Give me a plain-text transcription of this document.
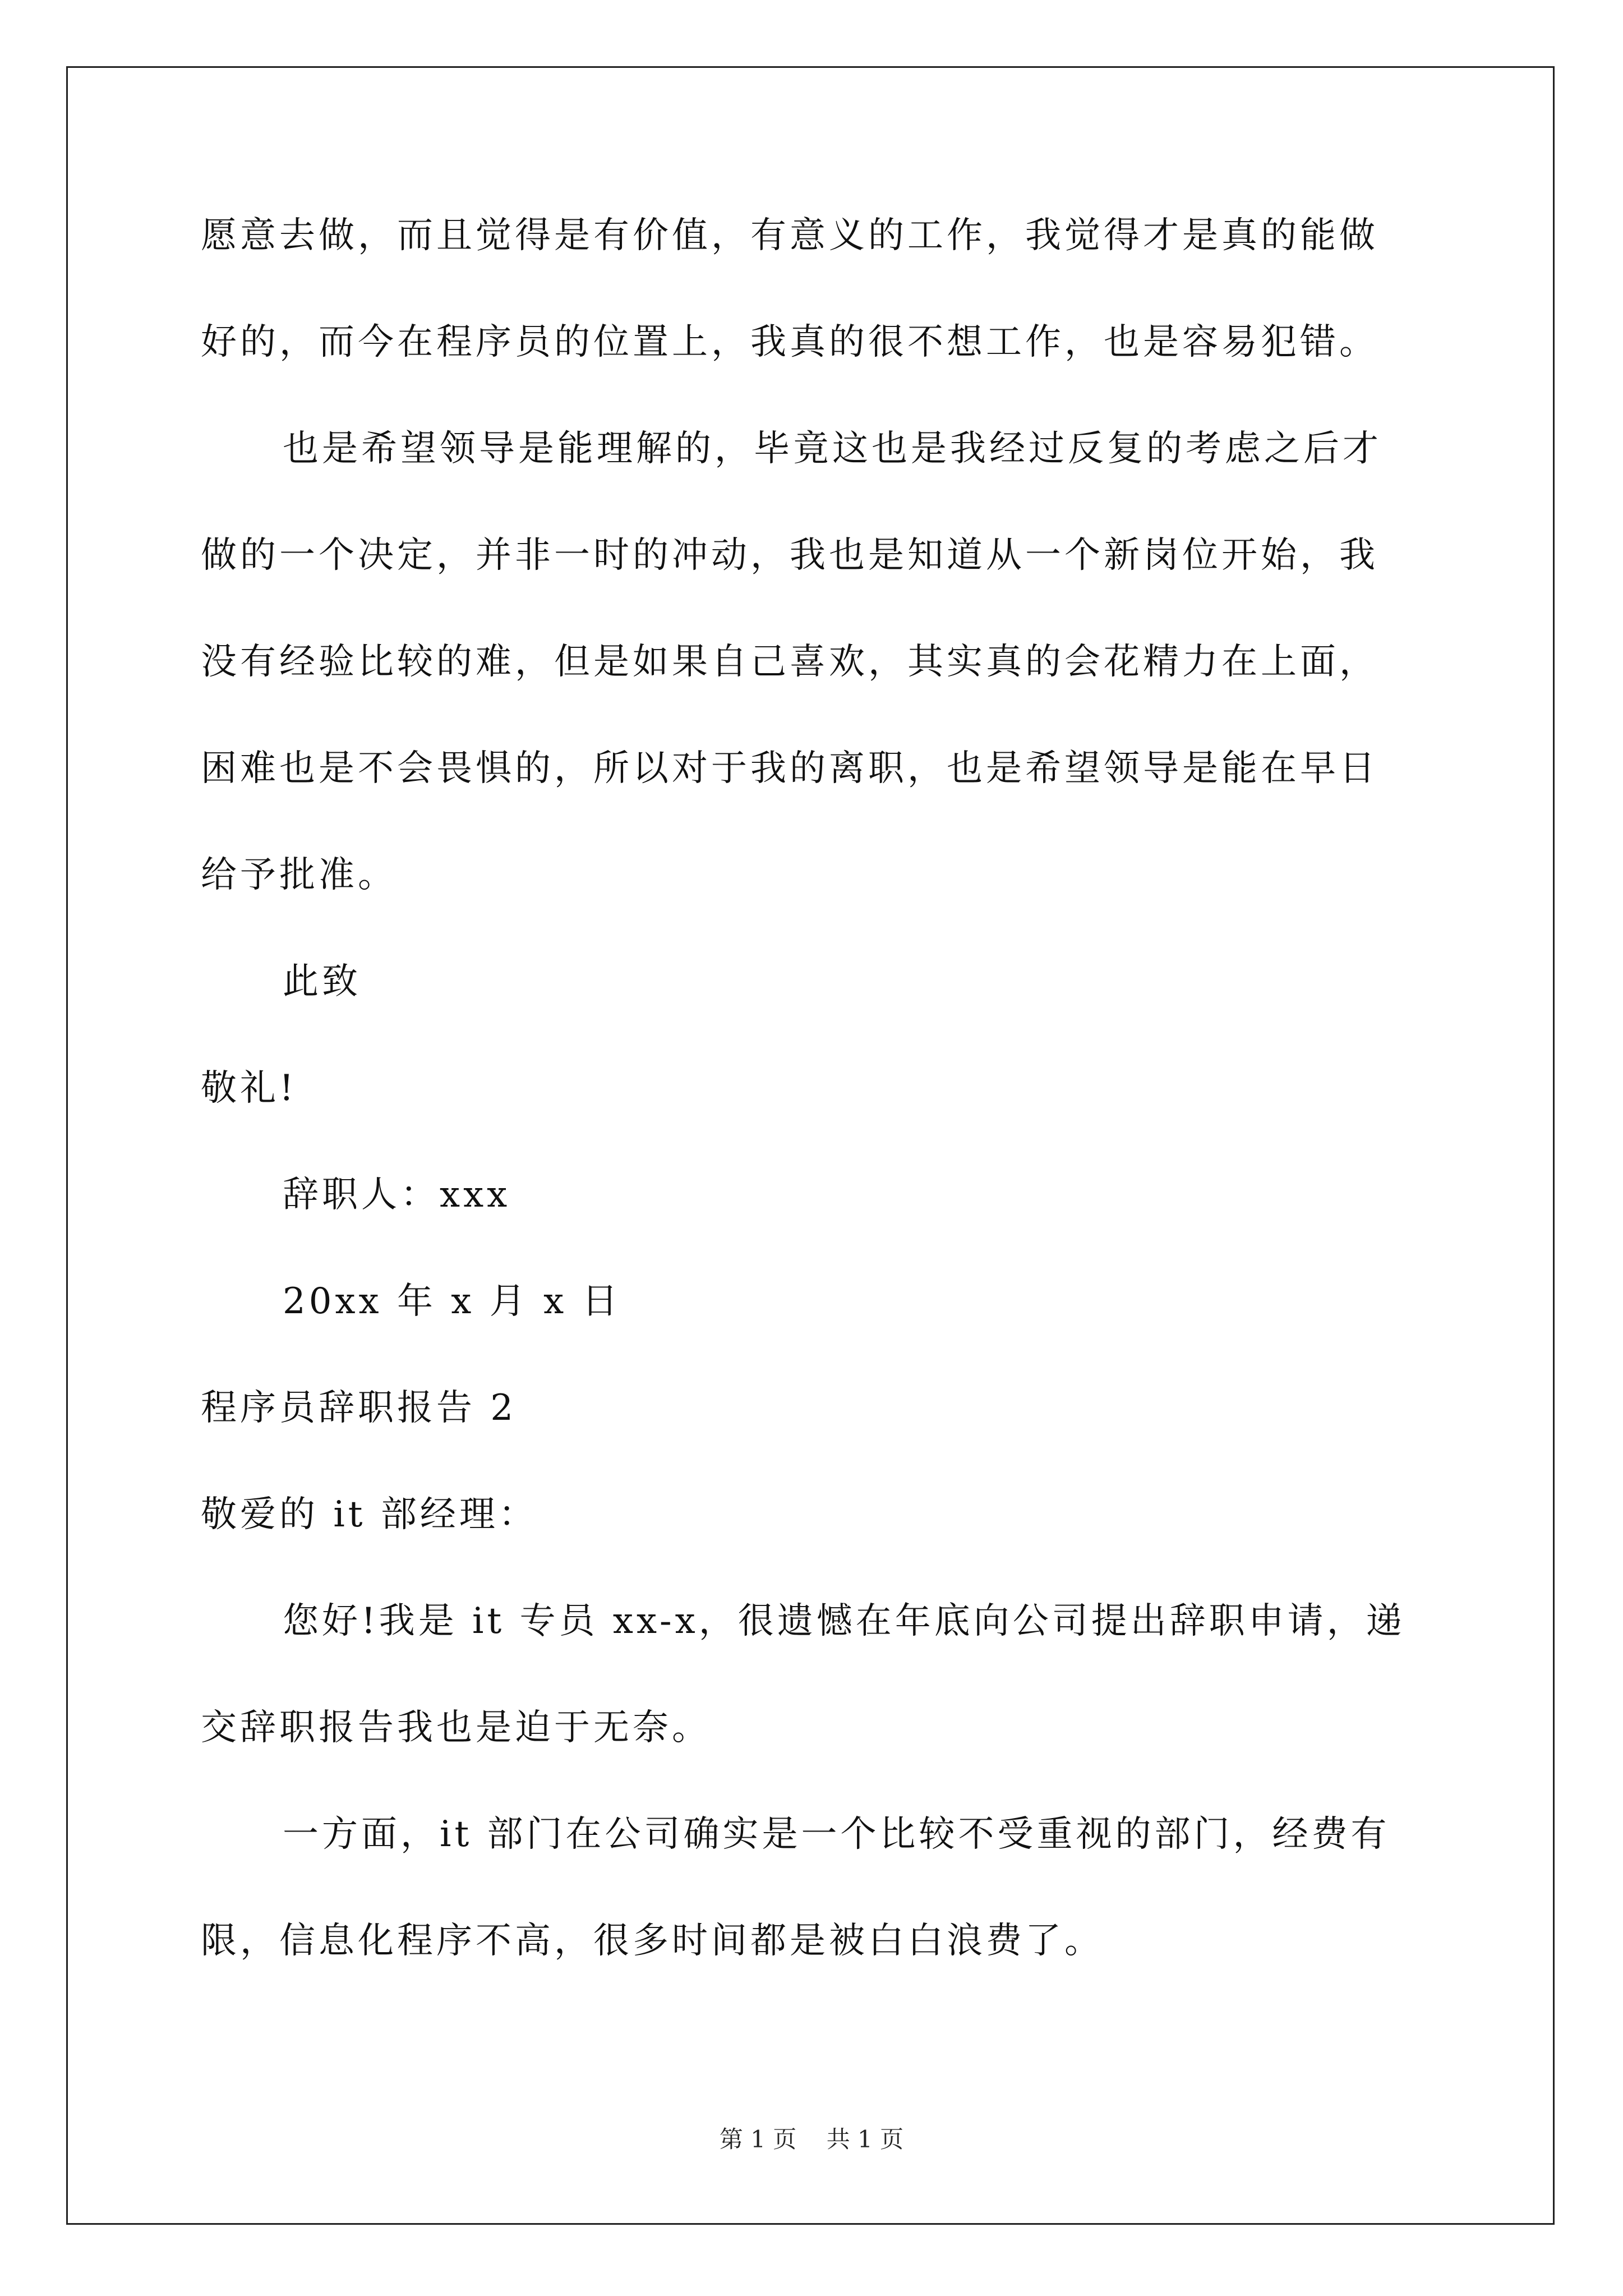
愿意去做，而且觉得是有价值，有意义的工作，我觉得才是真的能做
好的，而今在程序员的位置上，我真的很不想工作，也是容易犯错。
也是希望领导是能理解的，毕竟这也是我经过反复的考虑之后才
做的一个决定，并非一时的冲动，我也是知道从一个新岗位开始，我
没有经验比较的难，但是如果自己喜欢，其实真的会花精力在上面，
困难也是不会畏惧的，所以对于我的离职，也是希望领导是能在早日
给予批准。
此致
敬礼!
辞职人：xxx
20xx 年 x 月 x 日
程序员辞职报告 2
敬爱的 it 部经理：
您好!我是 it 专员 xx-x，很遗憾在年底向公司提出辞职申请，递
交辞职报告我也是迫于无奈。
一方面，it 部门在公司确实是一个比较不受重视的部门，经费有
限，信息化程序不高，很多时间都是被白白浪费了。
第 1 页    共 1 页
